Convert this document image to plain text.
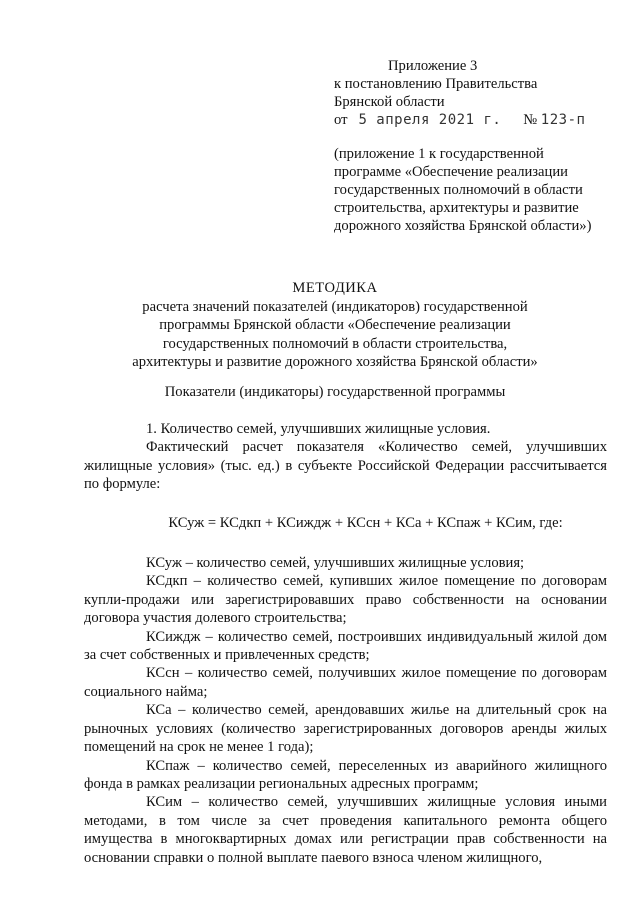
Приложение 3
к постановлению Правительства
Брянской области
от 5 апреля 2021 г. № 123-п
(приложение 1 к государственной
программе «Обеспечение реализации
государственных полномочий в области
строительства, архитектуры и развитие
дорожного хозяйства Брянской области»)
МЕТОДИКА
расчета значений показателей (индикаторов) государственной
программы Брянской области «Обеспечение реализации
государственных полномочий в области строительства,
архитектуры и развитие дорожного хозяйства Брянской области»
Показатели (индикаторы) государственной программы

1. Количество семей, улучшивших жилищные условия.

Фактический расчет показателя «Количество семей, улучшивших жилищные условия» (тыс. ед.) в субъекте Российской Федерации рассчитывается по формуле:

КСуж = КСдкп + КСиждж + КСсн + КСа + КСпаж + КСим, где:

КСуж – количество семей, улучшивших жилищные условия;

КСдкп – количество семей, купивших жилое помещение по договорам купли-продажи или зарегистрировавших право собственности на основании договора участия долевого строительства;

КСиждж – количество семей, построивших индивидуальный жилой дом за счет собственных и привлеченных средств;

КСсн – количество семей, получивших жилое помещение по договорам социального найма;

КСа – количество семей, арендовавших жилье на длительный срок на рыночных условиях (количество зарегистрированных договоров аренды жилых помещений на срок не менее 1 года);

КСпаж – количество семей, переселенных из аварийного жилищного фонда в рамках реализации региональных адресных программ;

КСим – количество семей, улучшивших жилищные условия иными методами, в том числе за счет проведения капитального ремонта общего имущества в многоквартирных домах или регистрации прав собственности на основании справки о полной выплате паевого взноса членом жилищного,
